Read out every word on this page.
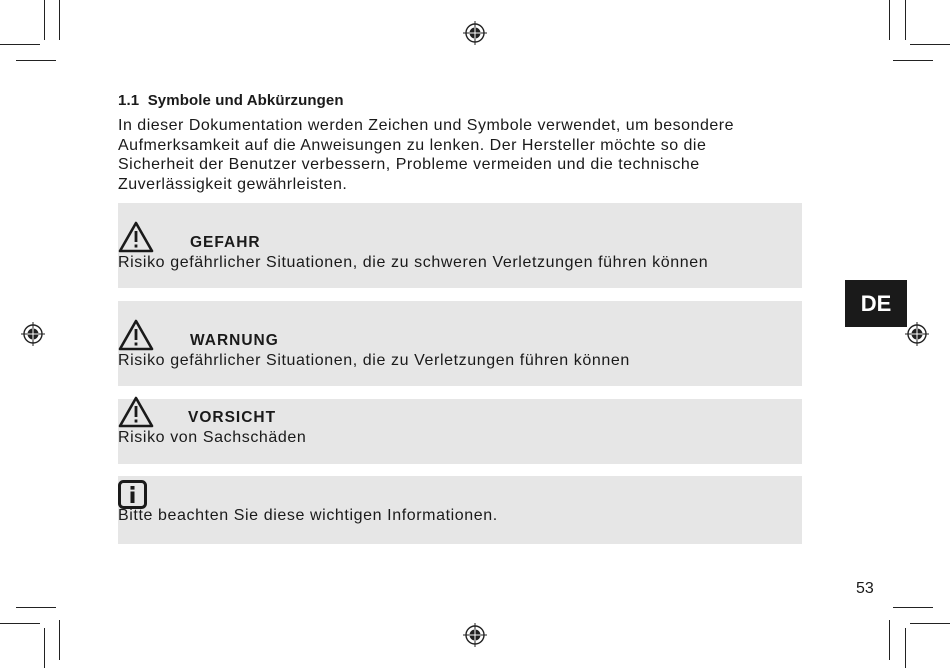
1.1 Symbole und Abkürzungen

In dieser Dokumentation werden Zeichen und Symbole verwendet, um besondere

Aufmerksamkeit auf die Anweisungen zu lenken. Der Hersteller möchte so die

Sicherheit der Benutzer verbessern, Probleme vermeiden und die technische

Zuverlässigkeit gewährleisten.

GEFAHR
Risiko gefährlicher Situationen, die zu schweren Verletzungen führen können
WARNUNG
Risiko gefährlicher Situationen, die zu Verletzungen führen können
VORSICHT
Risiko von Sachschäden
Bitte beachten Sie diese wichtigen Informationen.
DE
53
